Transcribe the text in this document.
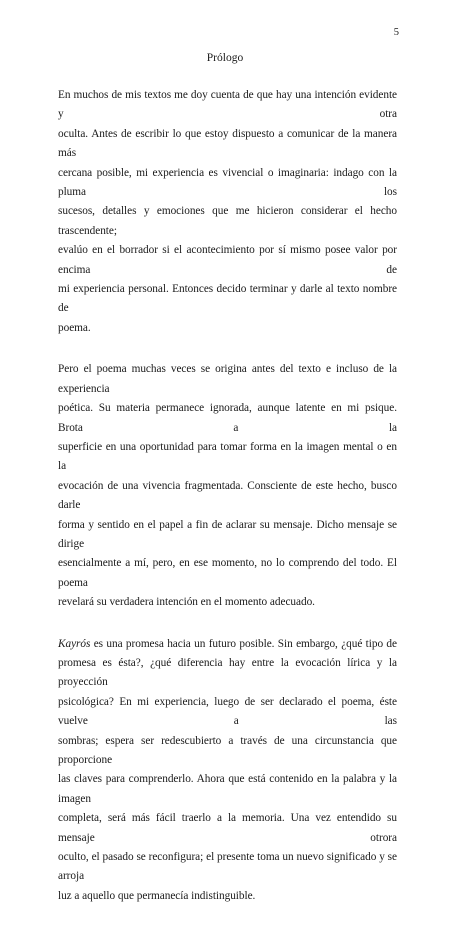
5
Prólogo

En muchos de mis textos me doy cuenta de que hay una intención evidente y otra
oculta. Antes de escribir lo que estoy dispuesto a comunicar de la manera más
cercana posible, mi experiencia es vivencial o imaginaria: indago con la pluma los
sucesos, detalles y emociones que me hicieron considerar el hecho trascendente;
evalúo en el borrador si el acontecimiento por sí mismo posee valor por encima de
mi experiencia personal. Entonces decido terminar y darle al texto nombre de
poema.

Pero el poema muchas veces se origina antes del texto e incluso de la experiencia
poética. Su materia permanece ignorada, aunque latente en mi psique. Brota a la
superficie en una oportunidad para tomar forma en la imagen mental o en la
evocación de una vivencia fragmentada. Consciente de este hecho, busco darle
forma y sentido en el papel a fin de aclarar su mensaje. Dicho mensaje se dirige
esencialmente a mí, pero, en ese momento, no lo comprendo del todo. El poema
revelará su verdadera intención en el momento adecuado.

Kayrós es una promesa hacia un futuro posible. Sin embargo, ¿qué tipo de
promesa es ésta?, ¿qué diferencia hay entre la evocación lírica y la proyección
psicológica? En mi experiencia, luego de ser declarado el poema, éste vuelve a las
sombras; espera ser redescubierto a través de una circunstancia que proporcione
las claves para comprenderlo. Ahora que está contenido en la palabra y la imagen
completa, será más fácil traerlo a la memoria. Una vez entendido su mensaje otrora
oculto, el pasado se reconfigura; el presente toma un nuevo significado y se arroja
luz a aquello que permanecía indistinguible.
